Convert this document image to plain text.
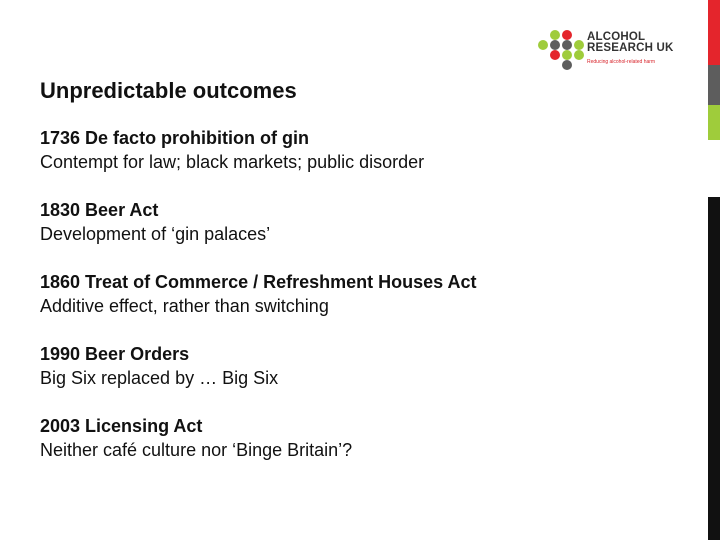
ALCOHOL
RESEARCH UK
Reducing alcohol-related harm
Unpredictable outcomes
1736 De facto prohibition of gin
Contempt for law; black markets; public disorder
1830 Beer Act
Development of ‘gin palaces’
1860 Treat of Commerce / Refreshment Houses Act
Additive effect, rather than switching
1990 Beer Orders
Big Six replaced by … Big Six
2003 Licensing Act
Neither café culture nor ‘Binge Britain’?
